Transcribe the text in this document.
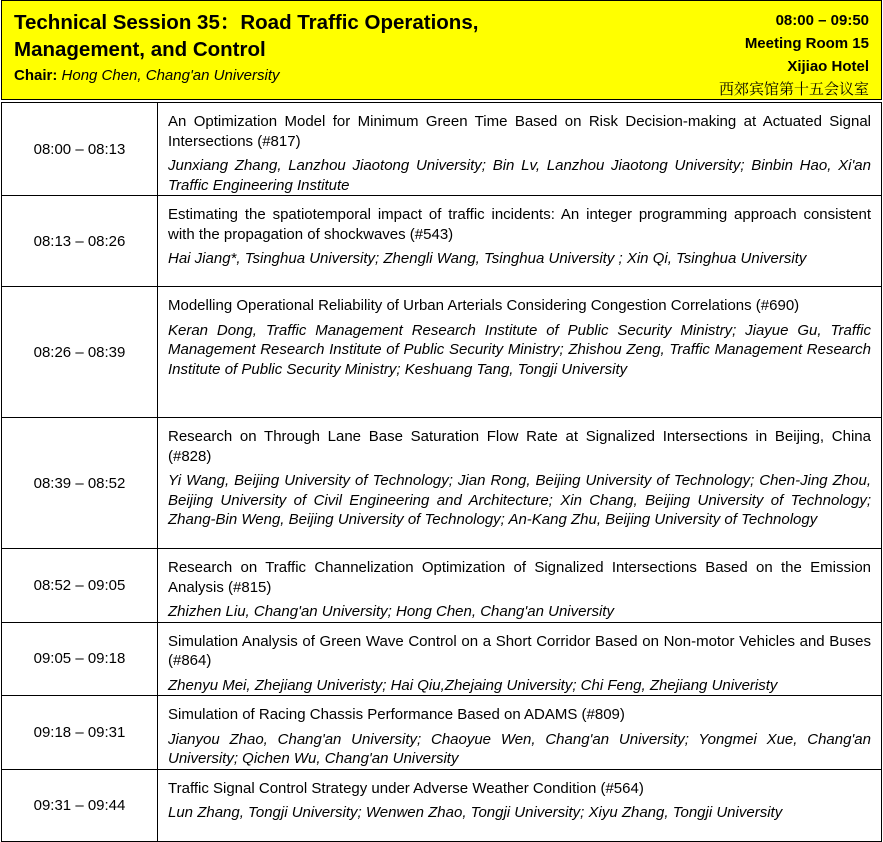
Technical Session 35：Road Traffic Operations, Management, and Control
Chair: Hong Chen, Chang'an University
08:00 – 09:50
Meeting Room 15
Xijiao Hotel
西郊宾馆第十五会议室
08:00 – 08:13	An Optimization Model for Minimum Green Time Based on Risk Decision-making at Actuated Signal Intersections (#817)
Junxiang Zhang, Lanzhou Jiaotong University; Bin Lv, Lanzhou Jiaotong University; Binbin Hao, Xi'an Traffic Engineering Institute

08:13 – 08:26	Estimating the spatiotemporal impact of traffic incidents: An integer programming approach consistent with the propagation of shockwaves (#543)
Hai Jiang*, Tsinghua University; Zhengli Wang, Tsinghua University ; Xin Qi, Tsinghua University

08:26 – 08:39	Modelling Operational Reliability of Urban Arterials Considering Congestion Correlations (#690)
Keran Dong, Traffic Management Research Institute of Public Security Ministry; Jiayue Gu, Traffic Management Research Institute of Public Security Ministry; Zhishou Zeng, Traffic Management Research Institute of Public Security Ministry; Keshuang Tang, Tongji University

08:39 – 08:52	Research on Through Lane Base Saturation Flow Rate at Signalized Intersections in Beijing, China (#828)
Yi Wang, Beijing University of Technology; Jian Rong, Beijing University of Technology; Chen-Jing Zhou, Beijing University of Civil Engineering and Architecture; Xin Chang, Beijing University of Technology; Zhang-Bin Weng, Beijing University of Technology; An-Kang Zhu, Beijing University of Technology

08:52 – 09:05	Research on Traffic Channelization Optimization of Signalized Intersections Based on the Emission Analysis (#815)
Zhizhen Liu, Chang'an University; Hong Chen, Chang'an University

09:05 – 09:18	Simulation Analysis of Green Wave Control on a Short Corridor Based on Non-motor Vehicles and Buses (#864)
Zhenyu Mei, Zhejiang Univeristy; Hai Qiu,Zhejaing University; Chi Feng, Zhejiang Univeristy

09:18 – 09:31	Simulation of Racing Chassis Performance Based on ADAMS (#809)
Jianyou Zhao, Chang'an University; Chaoyue Wen, Chang'an University; Yongmei Xue, Chang'an University; Qichen Wu, Chang'an University

09:31 – 09:44	Traffic Signal Control Strategy under Adverse Weather Condition (#564)
Lun Zhang, Tongji University; Wenwen Zhao, Tongji University; Xiyu Zhang, Tongji University
